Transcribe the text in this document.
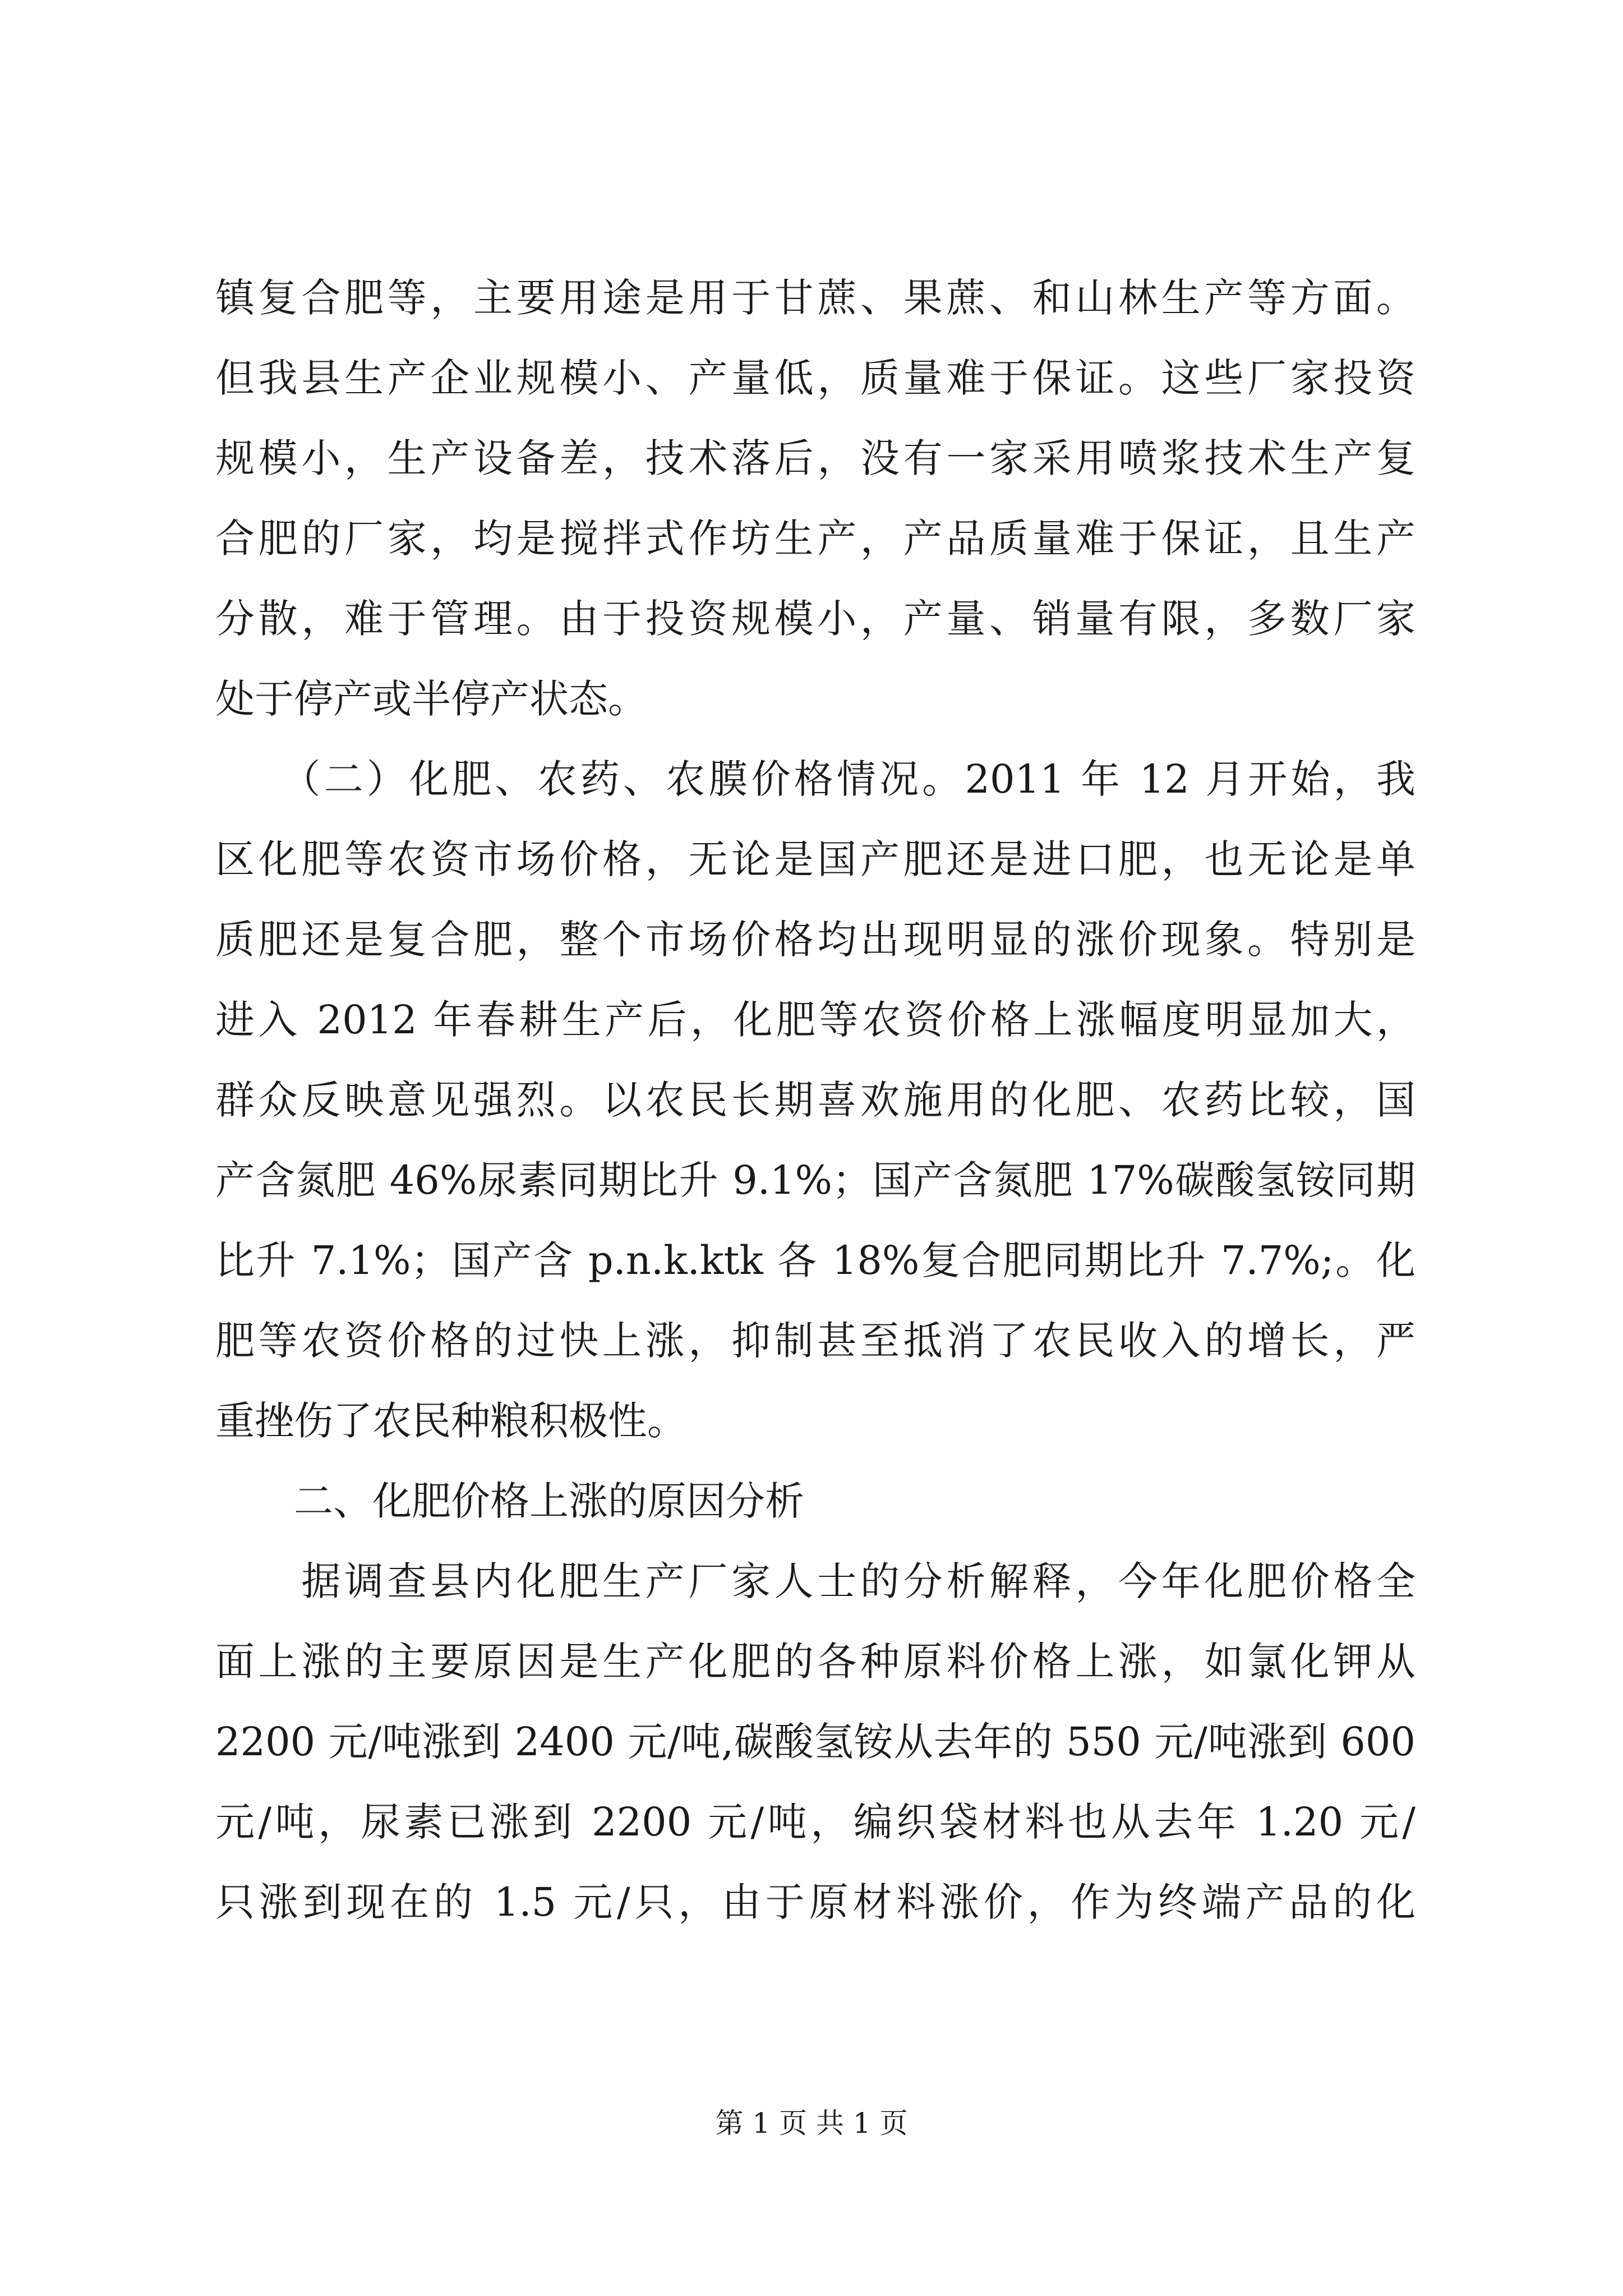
镇复合肥等，主要用途是用于甘蔗、果蔗、和山林生产等方面。
但我县生产企业规模小、产量低，质量难于保证。这些厂家投资
规模小，生产设备差，技术落后，没有一家采用喷浆技术生产复
合肥的厂家，均是搅拌式作坊生产，产品质量难于保证，且生产
分散，难于管理。由于投资规模小，产量、销量有限，多数厂家
处于停产或半停产状态。
　　（二）化肥、农药、农膜价格情况。2011 年 12 月开始，我
区化肥等农资市场价格，无论是国产肥还是进口肥，也无论是单
质肥还是复合肥，整个市场价格均出现明显的涨价现象。特别是
进入 2012 年春耕生产后，化肥等农资价格上涨幅度明显加大，
群众反映意见强烈。以农民长期喜欢施用的化肥、农药比较，国
产含氮肥 46%尿素同期比升 9.1%；国产含氮肥 17%碳酸氢铵同期
比升 7.1%；国产含 p.n.k.ktk 各 18%复合肥同期比升 7.7%;。化
肥等农资价格的过快上涨，抑制甚至抵消了农民收入的增长，严
重挫伤了农民种粮积极性。
　　二、化肥价格上涨的原因分析
　　据调查县内化肥生产厂家人士的分析解释，今年化肥价格全
面上涨的主要原因是生产化肥的各种原料价格上涨，如氯化钾从
2200 元/吨涨到 2400 元/吨,碳酸氢铵从去年的 550 元/吨涨到 600
元/吨，尿素已涨到 2200 元/吨，编织袋材料也从去年 1.20 元/
只涨到现在的 1.5 元/只，由于原材料涨价，作为终端产品的化
第 1 页 共 1 页
